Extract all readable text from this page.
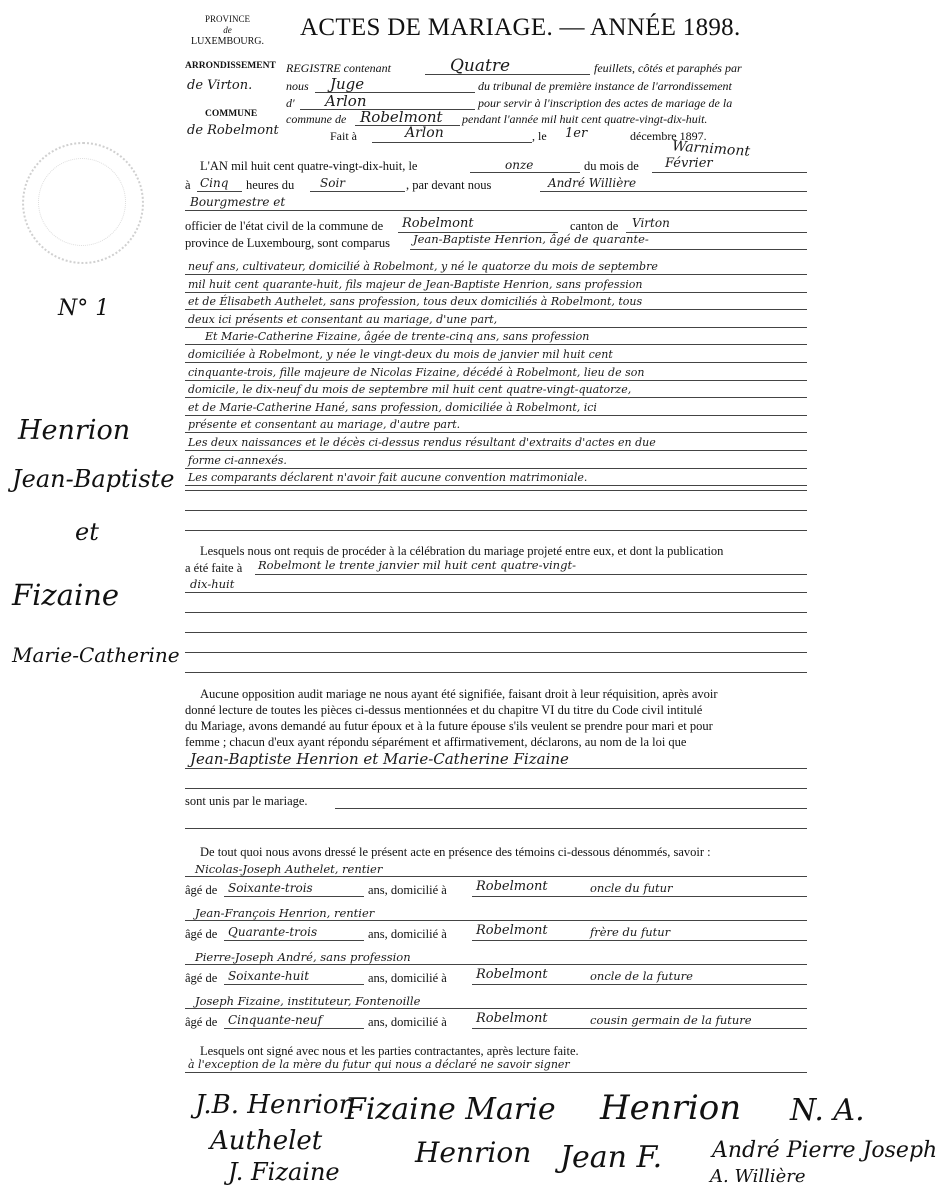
PROVINCE
de
LUXEMBOURG.
ARRONDISSEMENT
de Virton.
COMMUNE
de Robelmont
ACTES DE MARIAGE. — ANNÉE 1898.
REGISTRE contenant	Quatre	feuillets, côtés et paraphés par
nous Juge	du tribunal de première instance de l'arrondissement
d' Arlon	pour servir à l'inscription des actes de mariage de la
commune de Robelmont pendant l'année mil huit cent quatre-vingt-dix-huit.
Fait à	Arlon	, le 1er	décembre 1897.
Warnimont
N° 1
Henrion
Jean-Baptiste
et
Fizaine
Marie-Catherine
L'AN mil huit cent quatre-vingt-dix-huit, le	onze	du mois de Février
à Cinq heures du Soir	, par devant nous	André Willière
Bourgmestre et
officier de l'état civil de la commune de Robelmont	canton de Virton
province de Luxembourg, sont comparus Jean-Baptiste Henrion, âgé de quarante-
neuf ans, cultivateur, domicilié à Robelmont, y né le quatorze du mois de septembre
mil huit cent quarante-huit, fils majeur de Jean-Baptiste Henrion, sans profession
et de Élisabeth Authelet, sans profession, tous deux domiciliés à Robelmont, tous
deux ici présents et consentant au mariage, d'une part,
Et Marie-Catherine Fizaine, âgée de trente-cinq ans, sans profession
domiciliée à Robelmont, y née le vingt-deux du mois de janvier mil huit cent
cinquante-trois, fille majeure de Nicolas Fizaine, décédé à Robelmont, lieu de son
domicile, le dix-neuf du mois de septembre mil huit cent quatre-vingt-quatorze,
et de Marie-Catherine Hané, sans profession, domiciliée à Robelmont, ici
présente et consentant au mariage, d'autre part.
Les deux naissances et le décès ci-dessus rendus résultant d'extraits d'actes en due
forme ci-annexés.
Les comparants déclarent n'avoir fait aucune convention matrimoniale.
Lesquels nous ont requis de procéder à la célébration du mariage projeté entre eux, et dont la publication
a été faite à Robelmont le trente janvier mil huit cent quatre-vingt-
dix-huit
Aucune opposition audit mariage ne nous ayant été signifiée, faisant droit à leur réquisition, après avoir
donné lecture de toutes les pièces ci-dessus mentionnées et du chapitre VI du titre du Code civil intitulé
du Mariage, avons demandé au futur époux et à la future épouse s'ils veulent se prendre pour mari et pour
femme ; chacun d'eux ayant répondu séparément et affirmativement, déclarons, au nom de la loi que
Jean-Baptiste Henrion et Marie-Catherine Fizaine
sont unis par le mariage.
De tout quoi nous avons dressé le présent acte en présence des témoins ci-dessous dénommés, savoir :
Nicolas-Joseph Authelet, rentier
âgé de Soixante-trois	ans, domicilié à Robelmont	oncle du futur
Jean-François Henrion, rentier
âgé de Quarante-trois	ans, domicilié à Robelmont	frère du futur
Pierre-Joseph André, sans profession
âgé de Soixante-huit	ans, domicilié à Robelmont	oncle de la future
Joseph Fizaine, instituteur, Fontenoille
âgé de Cinquante-neuf	ans, domicilié à Robelmont	cousin germain de la future
Lesquels ont signé avec nous et les parties contractantes, après lecture faite.
à l'exception de la mère du futur qui nous a déclaré ne savoir signer
J.B. Henrion
Fizaine Marie Henrion N. A.
Authelet	Henrion Jean F. André Pierre Joseph
J. Fizaine	A. Willière
